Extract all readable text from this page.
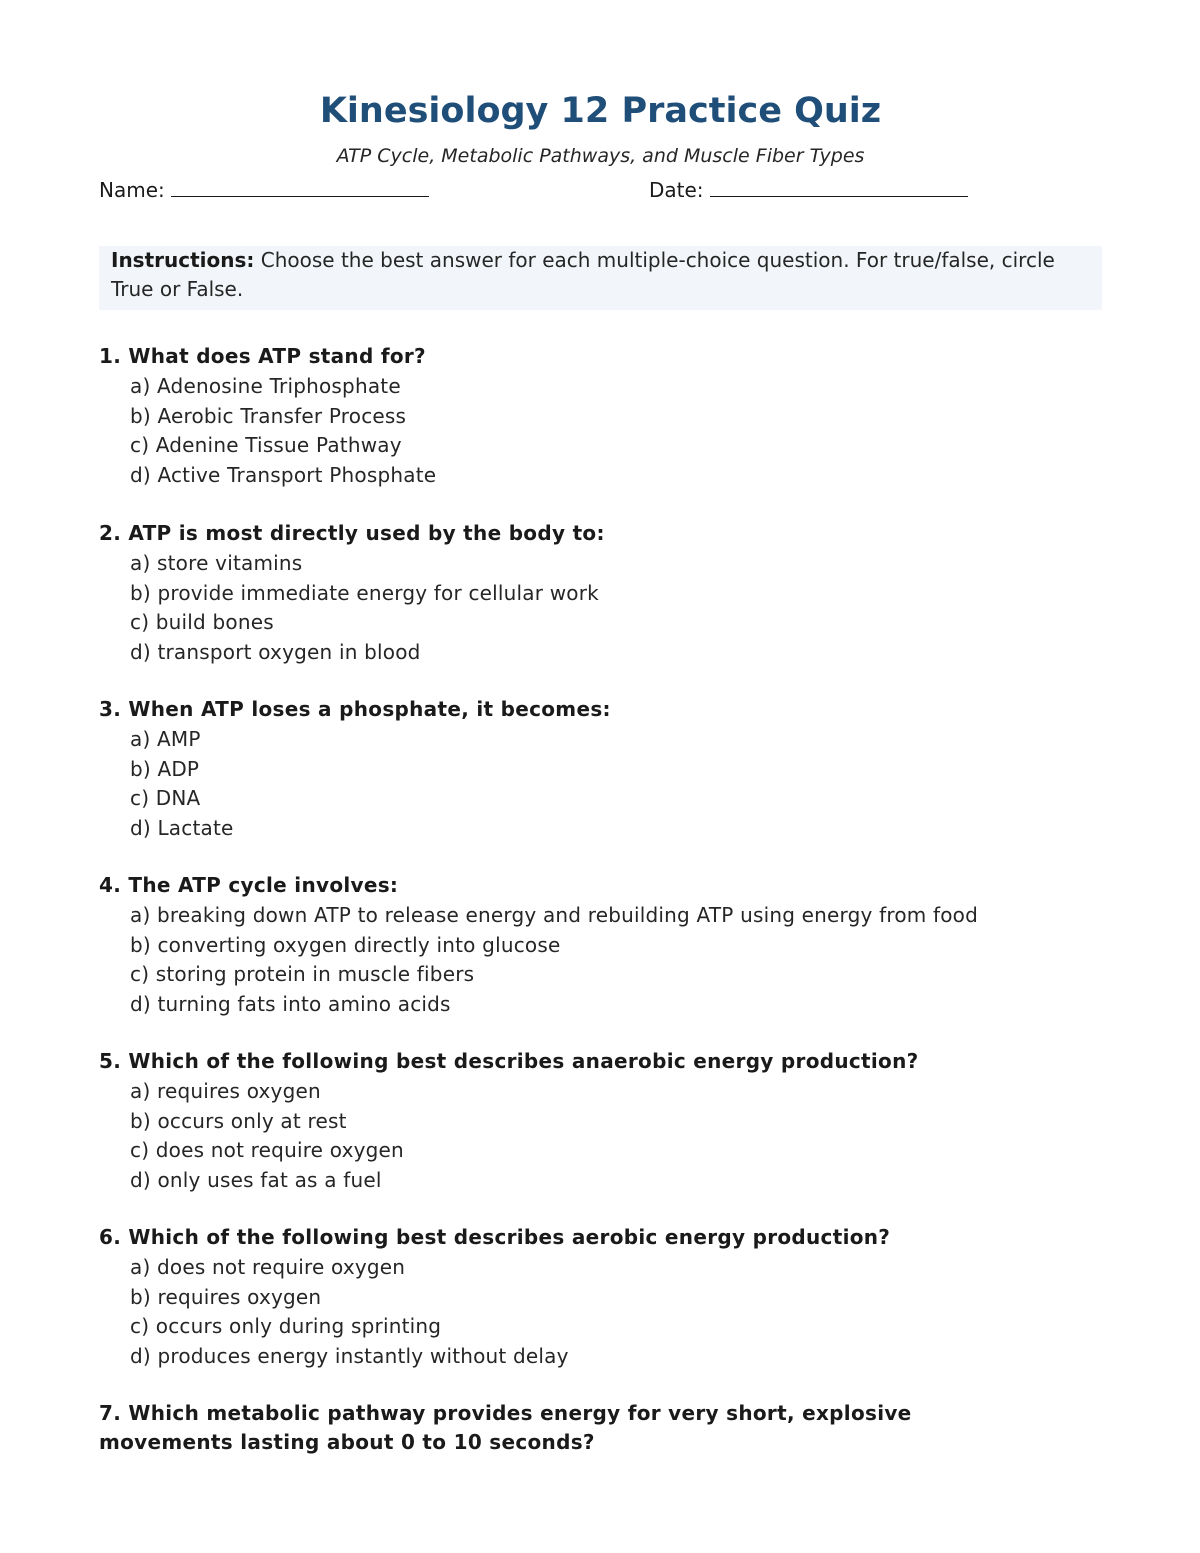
Kinesiology 12 Practice Quiz
ATP Cycle, Metabolic Pathways, and Muscle Fiber Types
Name:	Date:
Instructions: Choose the best answer for each multiple-choice question. For true/false, circle True or False.
1. What does ATP stand for?
a) Adenosine Triphosphate
b) Aerobic Transfer Process
c) Adenine Tissue Pathway
d) Active Transport Phosphate
2. ATP is most directly used by the body to:
a) store vitamins
b) provide immediate energy for cellular work
c) build bones
d) transport oxygen in blood
3. When ATP loses a phosphate, it becomes:
a) AMP
b) ADP
c) DNA
d) Lactate
4. The ATP cycle involves:
a) breaking down ATP to release energy and rebuilding ATP using energy from food
b) converting oxygen directly into glucose
c) storing protein in muscle fibers
d) turning fats into amino acids
5. Which of the following best describes anaerobic energy production?
a) requires oxygen
b) occurs only at rest
c) does not require oxygen
d) only uses fat as a fuel
6. Which of the following best describes aerobic energy production?
a) does not require oxygen
b) requires oxygen
c) occurs only during sprinting
d) produces energy instantly without delay
7. Which metabolic pathway provides energy for very short, explosive movements lasting about 0 to 10 seconds?
